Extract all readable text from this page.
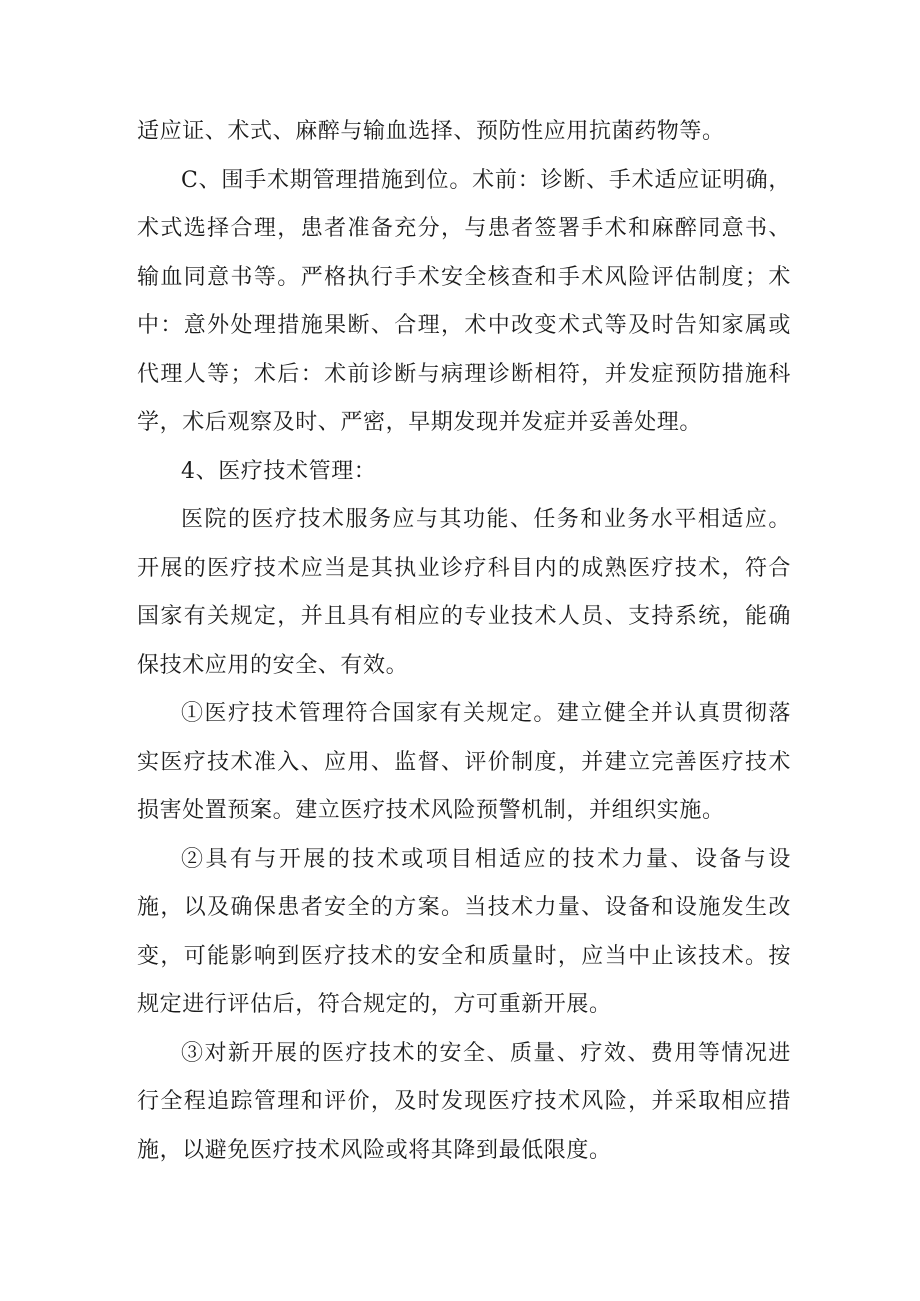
适应证、术式、麻醉与输血选择、预防性应用抗菌药物等。

C、围手术期管理措施到位。术前：诊断、手术适应证明确，术式选择合理，患者准备充分，与患者签署手术和麻醉同意书、输血同意书等。严格执行手术安全核查和手术风险评估制度；术中：意外处理措施果断、合理，术中改变术式等及时告知家属或代理人等；术后：术前诊断与病理诊断相符，并发症预防措施科学，术后观察及时、严密，早期发现并发症并妥善处理。

4、医疗技术管理：

医院的医疗技术服务应与其功能、任务和业务水平相适应。开展的医疗技术应当是其执业诊疗科目内的成熟医疗技术，符合国家有关规定，并且具有相应的专业技术人员、支持系统，能确保技术应用的安全、有效。

①医疗技术管理符合国家有关规定。建立健全并认真贯彻落实医疗技术准入、应用、监督、评价制度，并建立完善医疗技术损害处置预案。建立医疗技术风险预警机制，并组织实施。

②具有与开展的技术或项目相适应的技术力量、设备与设施，以及确保患者安全的方案。当技术力量、设备和设施发生改变，可能影响到医疗技术的安全和质量时，应当中止该技术。按规定进行评估后，符合规定的，方可重新开展。

③对新开展的医疗技术的安全、质量、疗效、费用等情况进行全程追踪管理和评价，及时发现医疗技术风险，并采取相应措施，以避免医疗技术风险或将其降到最低限度。
